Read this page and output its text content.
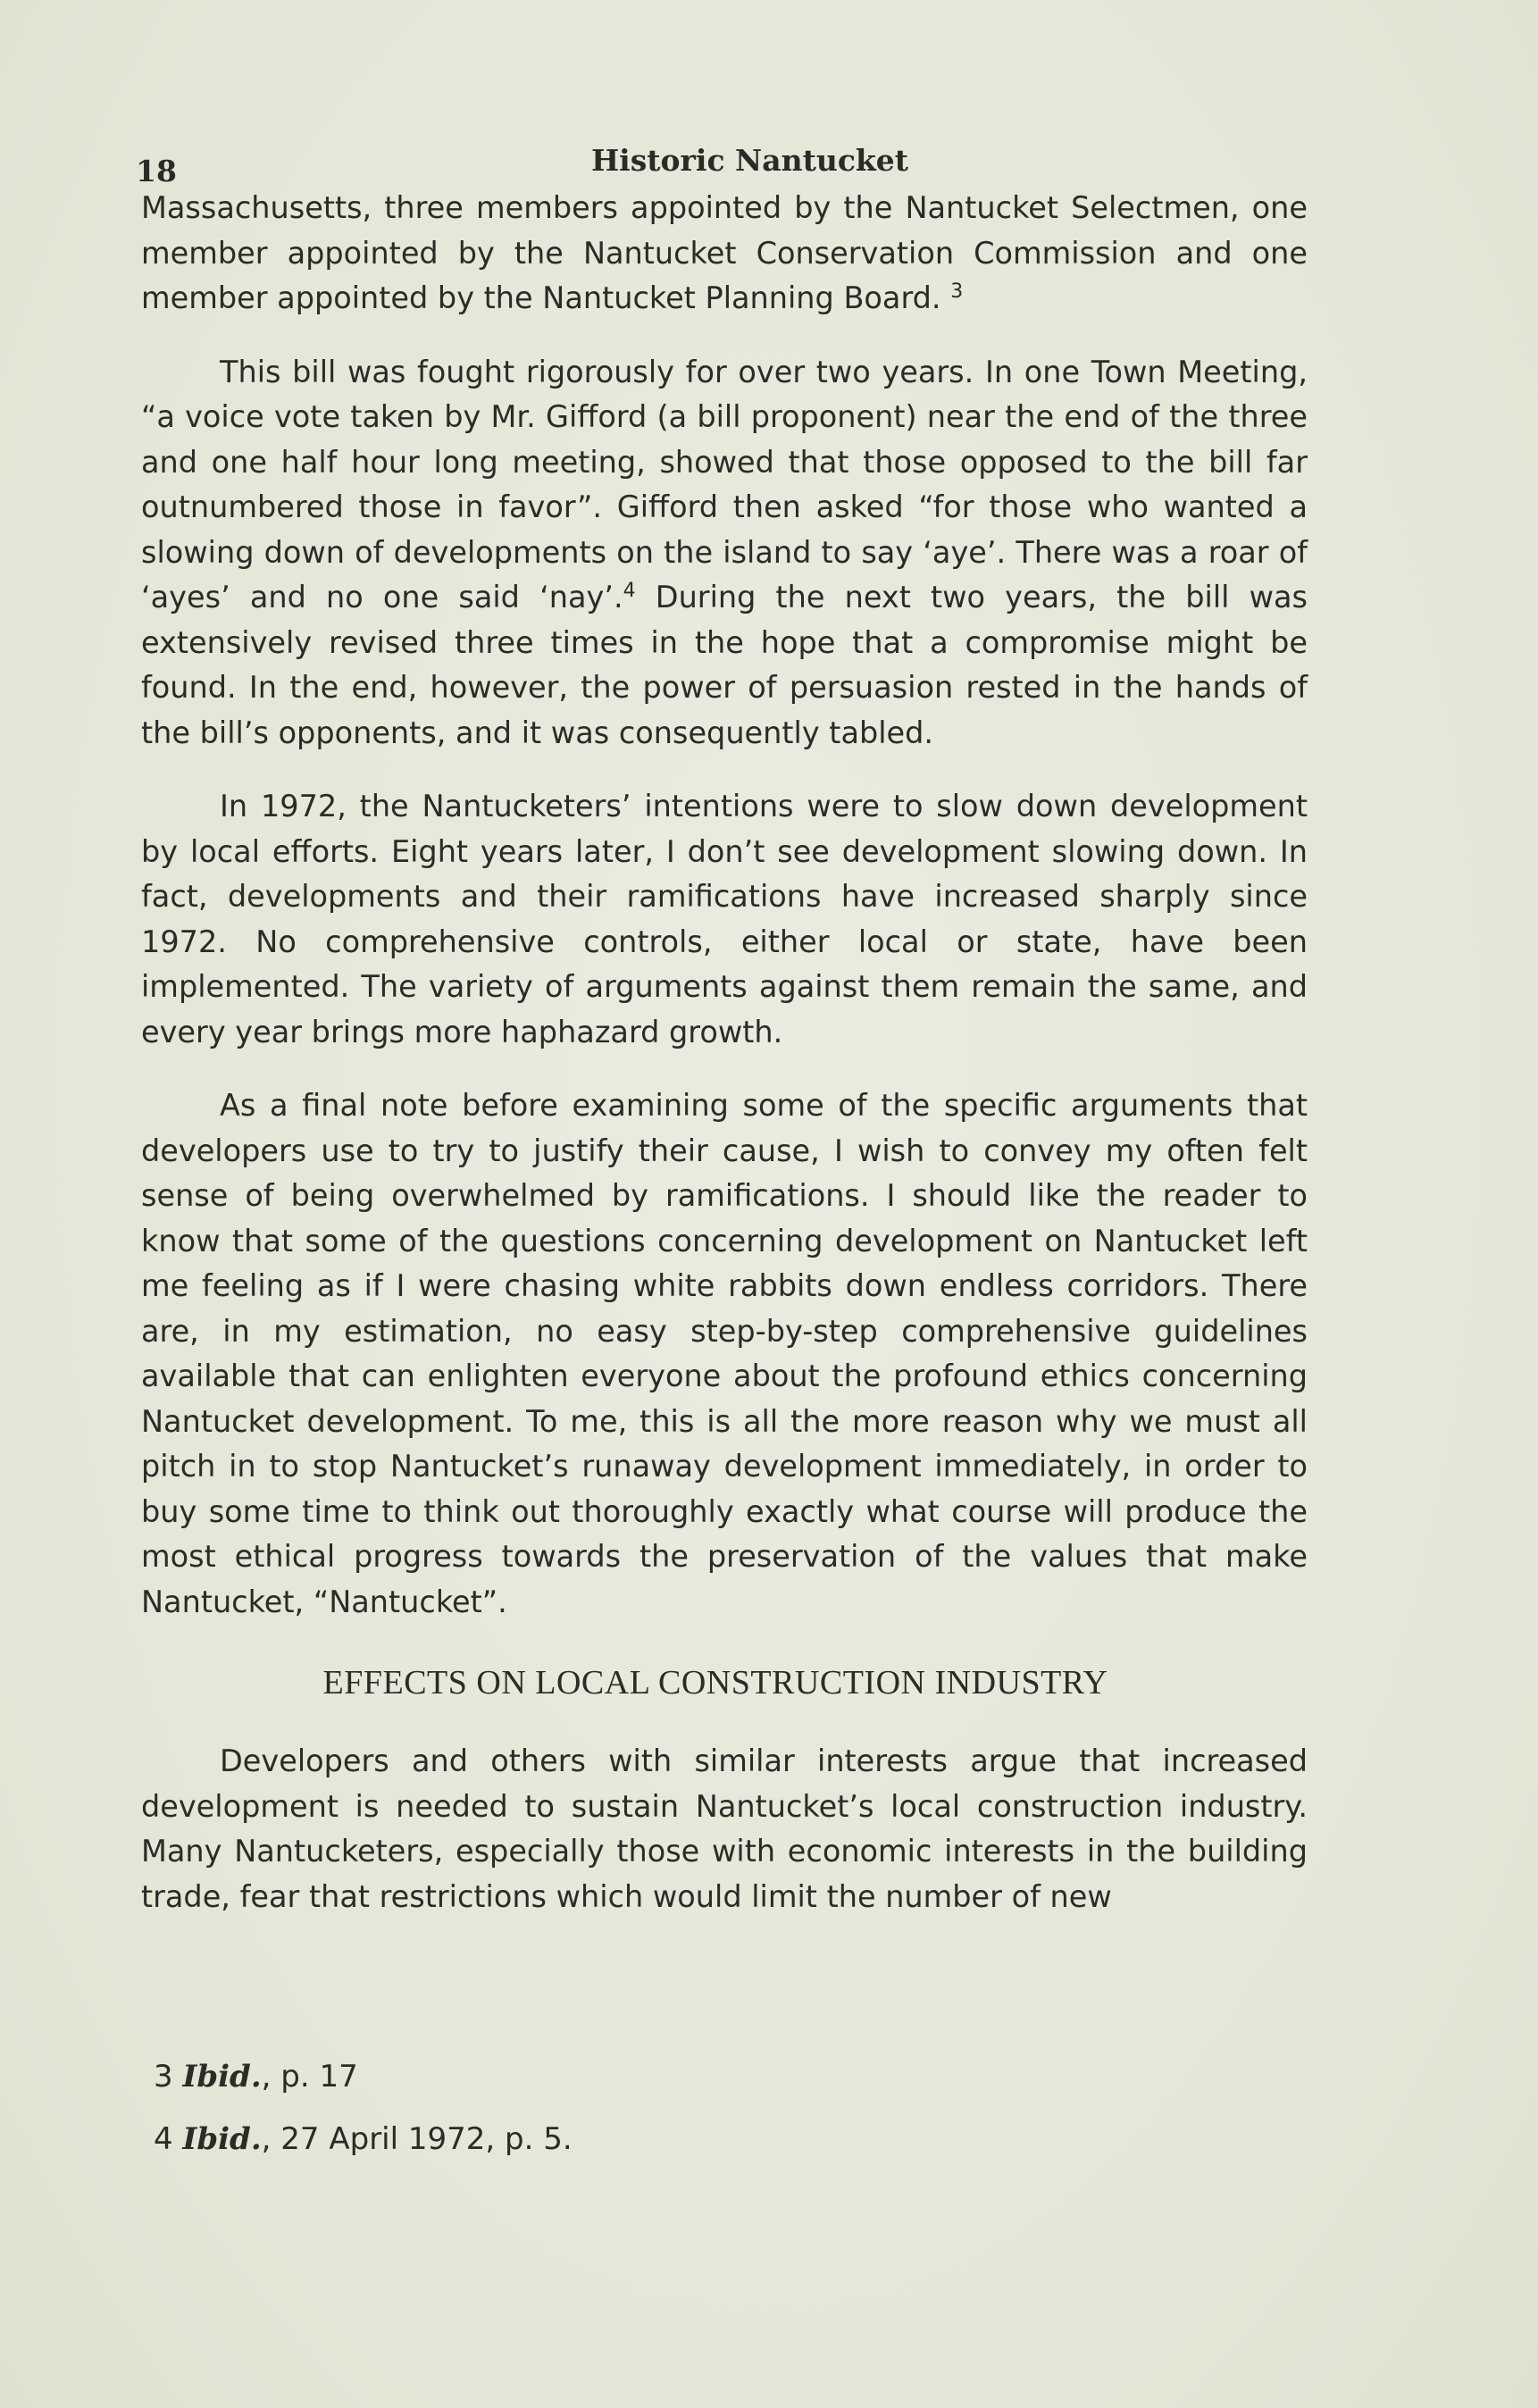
18	Historic Nantucket

Massachusetts, three members appointed by the Nantucket Selectmen, one member appointed by the Nantucket Conservation Commission and one member appointed by the Nantucket Planning Board. $^3$

This bill was fought rigorously for over two years. In one Town Meeting, “a voice vote taken by Mr. Gifford (a bill proponent) near the end of the three and one half hour long meeting, showed that those opposed to the bill far outnumbered those in favor”. Gifford then asked “for those who wanted a slowing down of developments on the island to say ‘aye’. There was a roar of ‘ayes’ and no one said ‘nay’.$^4$ During the next two years, the bill was extensively revised three times in the hope that a compromise might be found. In the end, however, the power of persuasion rested in the hands of the bill’s opponents, and it was consequently tabled.

In 1972, the Nantucketers’ intentions were to slow down development by local efforts. Eight years later, I don’t see development slowing down. In fact, developments and their ramifications have increased sharply since 1972. No comprehensive controls, either local or state, have been implemented. The variety of arguments against them remain the same, and every year brings more haphazard growth.

As a final note before examining some of the specific arguments that developers use to try to justify their cause, I wish to convey my often felt sense of being overwhelmed by ramifications. I should like the reader to know that some of the questions concerning development on Nantucket left me feeling as if I were chasing white rabbits down endless corridors. There are, in my estimation, no easy step-by-step comprehensive guidelines available that can enlighten everyone about the profound ethics concerning Nantucket development. To me, this is all the more reason why we must all pitch in to stop Nantucket’s runaway development immediately, in order to buy some time to think out thoroughly exactly what course will produce the most ethical progress towards the preservation of the values that make Nantucket, “Nantucket”.

EFFECTS ON LOCAL CONSTRUCTION INDUSTRY

Developers and others with similar interests argue that increased development is needed to sustain Nantucket’s local construction industry. Many Nantucketers, especially those with economic interests in the building trade, fear that restrictions which would limit the number of new

3 Ibid., p. 17
4 Ibid., 27 April 1972, p. 5.
